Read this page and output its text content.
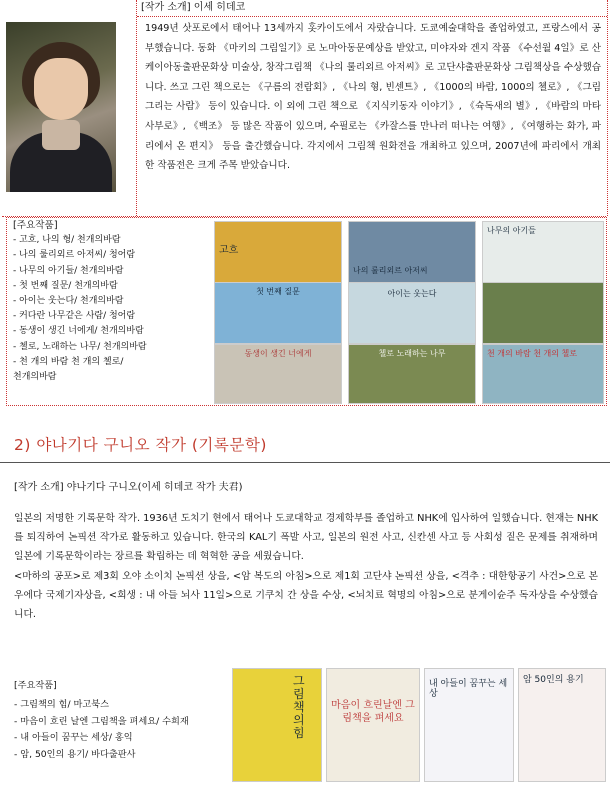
[작가 소개] 이세 히데코
1949년 삿포로에서 태어나 13세까지 홋카이도에서 자랐습니다. 도쿄예술대학을 졸업하였고, 프랑스에서 공부했습니다. 동화 《마키의 그림일기》로 노마아동문예상을 받았고, 미야자와 겐지 작품 《수선월 4일》로 산케이아동출판문화상 미술상, 창작그림책 《나의 룰리외르 아저씨》로 고단샤출판문화상 그림책상을 수상했습니다. 쓰고 그린 책으로는 《구름의 전람회》, 《나의 형, 빈센트》, 《1000의 바람, 1000의 첼로》, 《그림 그리는 사람》 등이 있습니다. 이 외에 그린 책으로 《지식키동자 이야기》, 《슉독새의 별》, 《바람의 마타사부로》, 《백조》 등 많은 작품이 있으며, 수필로는 《카잘스를 만나러 떠나는 여행》, 《여행하는 화가, 파리에서 온 편지》 등을 출간했습니다. 각지에서 그림책 원화전을 개최하고 있으며, 2007년에 파리에서 개최한 작품전은 크게 주목 받았습니다.
[주요작품]
- 고흐, 나의 형/ 천개의바람
- 나의 룰리외르 아저씨/ 청어람
- 나무의 아기들/ 천개의바람
- 첫 번째 질문/ 천개의바람
- 아이는 웃는다/ 천개의바람
- 커다란 나무같은 사람/ 청어람
- 동생이 생긴 너에게/ 천개의바람
- 첼로, 노래하는 나무/ 천개의바람
- 천 개의 바람 천 개의 첼로/
천개의바람
고흐
나의 룰리외르 아저씨
나무의 아기들
첫 번째 질문	아이는 웃는다
동생이 생긴 너에게	첼로 노래하는 나무	천 개의 바람 천 개의 첼로
2) 야나기다 구니오 작가 (기록문학)
[작가 소개] 야나기다 구니오(이세 히데코 작가 夫君)
일본의 저명한 기록문학 작가. 1936년 도치기 현에서 태어나 도쿄대학교 경제학부를 졸업하고 NHK에 입사하여 일했습니다. 현재는 NHK를 퇴직하여 논픽션 작가로 활동하고 있습니다. 한국의 KAL기 폭발 사고, 일본의 원전 사고, 신칸센 사고 등 사회성 짙은 문제를 취재하며 일본에 기록문학이라는 장르를 확립하는 데 혁혁한 공을 세웠습니다.
<마하의 공포>로 제3회 오야 소이치 논픽션 상을, <암 복도의 아침>으로 제1회 고단샤 논픽션 상을, <격추 : 대한항공기 사건>으로 본 우에다 국제기자상을, <희생 : 내 아들 뇌사 11일>으로 기쿠치 간 상을 수상, <뇌치료 혁명의 아침>으로 분게이슌주 독자상을 수상했습니다.
[주요작품]
- 그림책의 힘/ 마고북스
- 마음이 흐린 날엔 그림책을 펴세요/ 수희재
- 내 아들이 꿈꾸는 세상/ 홍익
- 암, 50인의 용기/ 바다출판사
그림책의 힘
마음이 흐린날엔 그림책을 펴세요
내 아들이 꿈꾸는 세상
암 50인의 용기
